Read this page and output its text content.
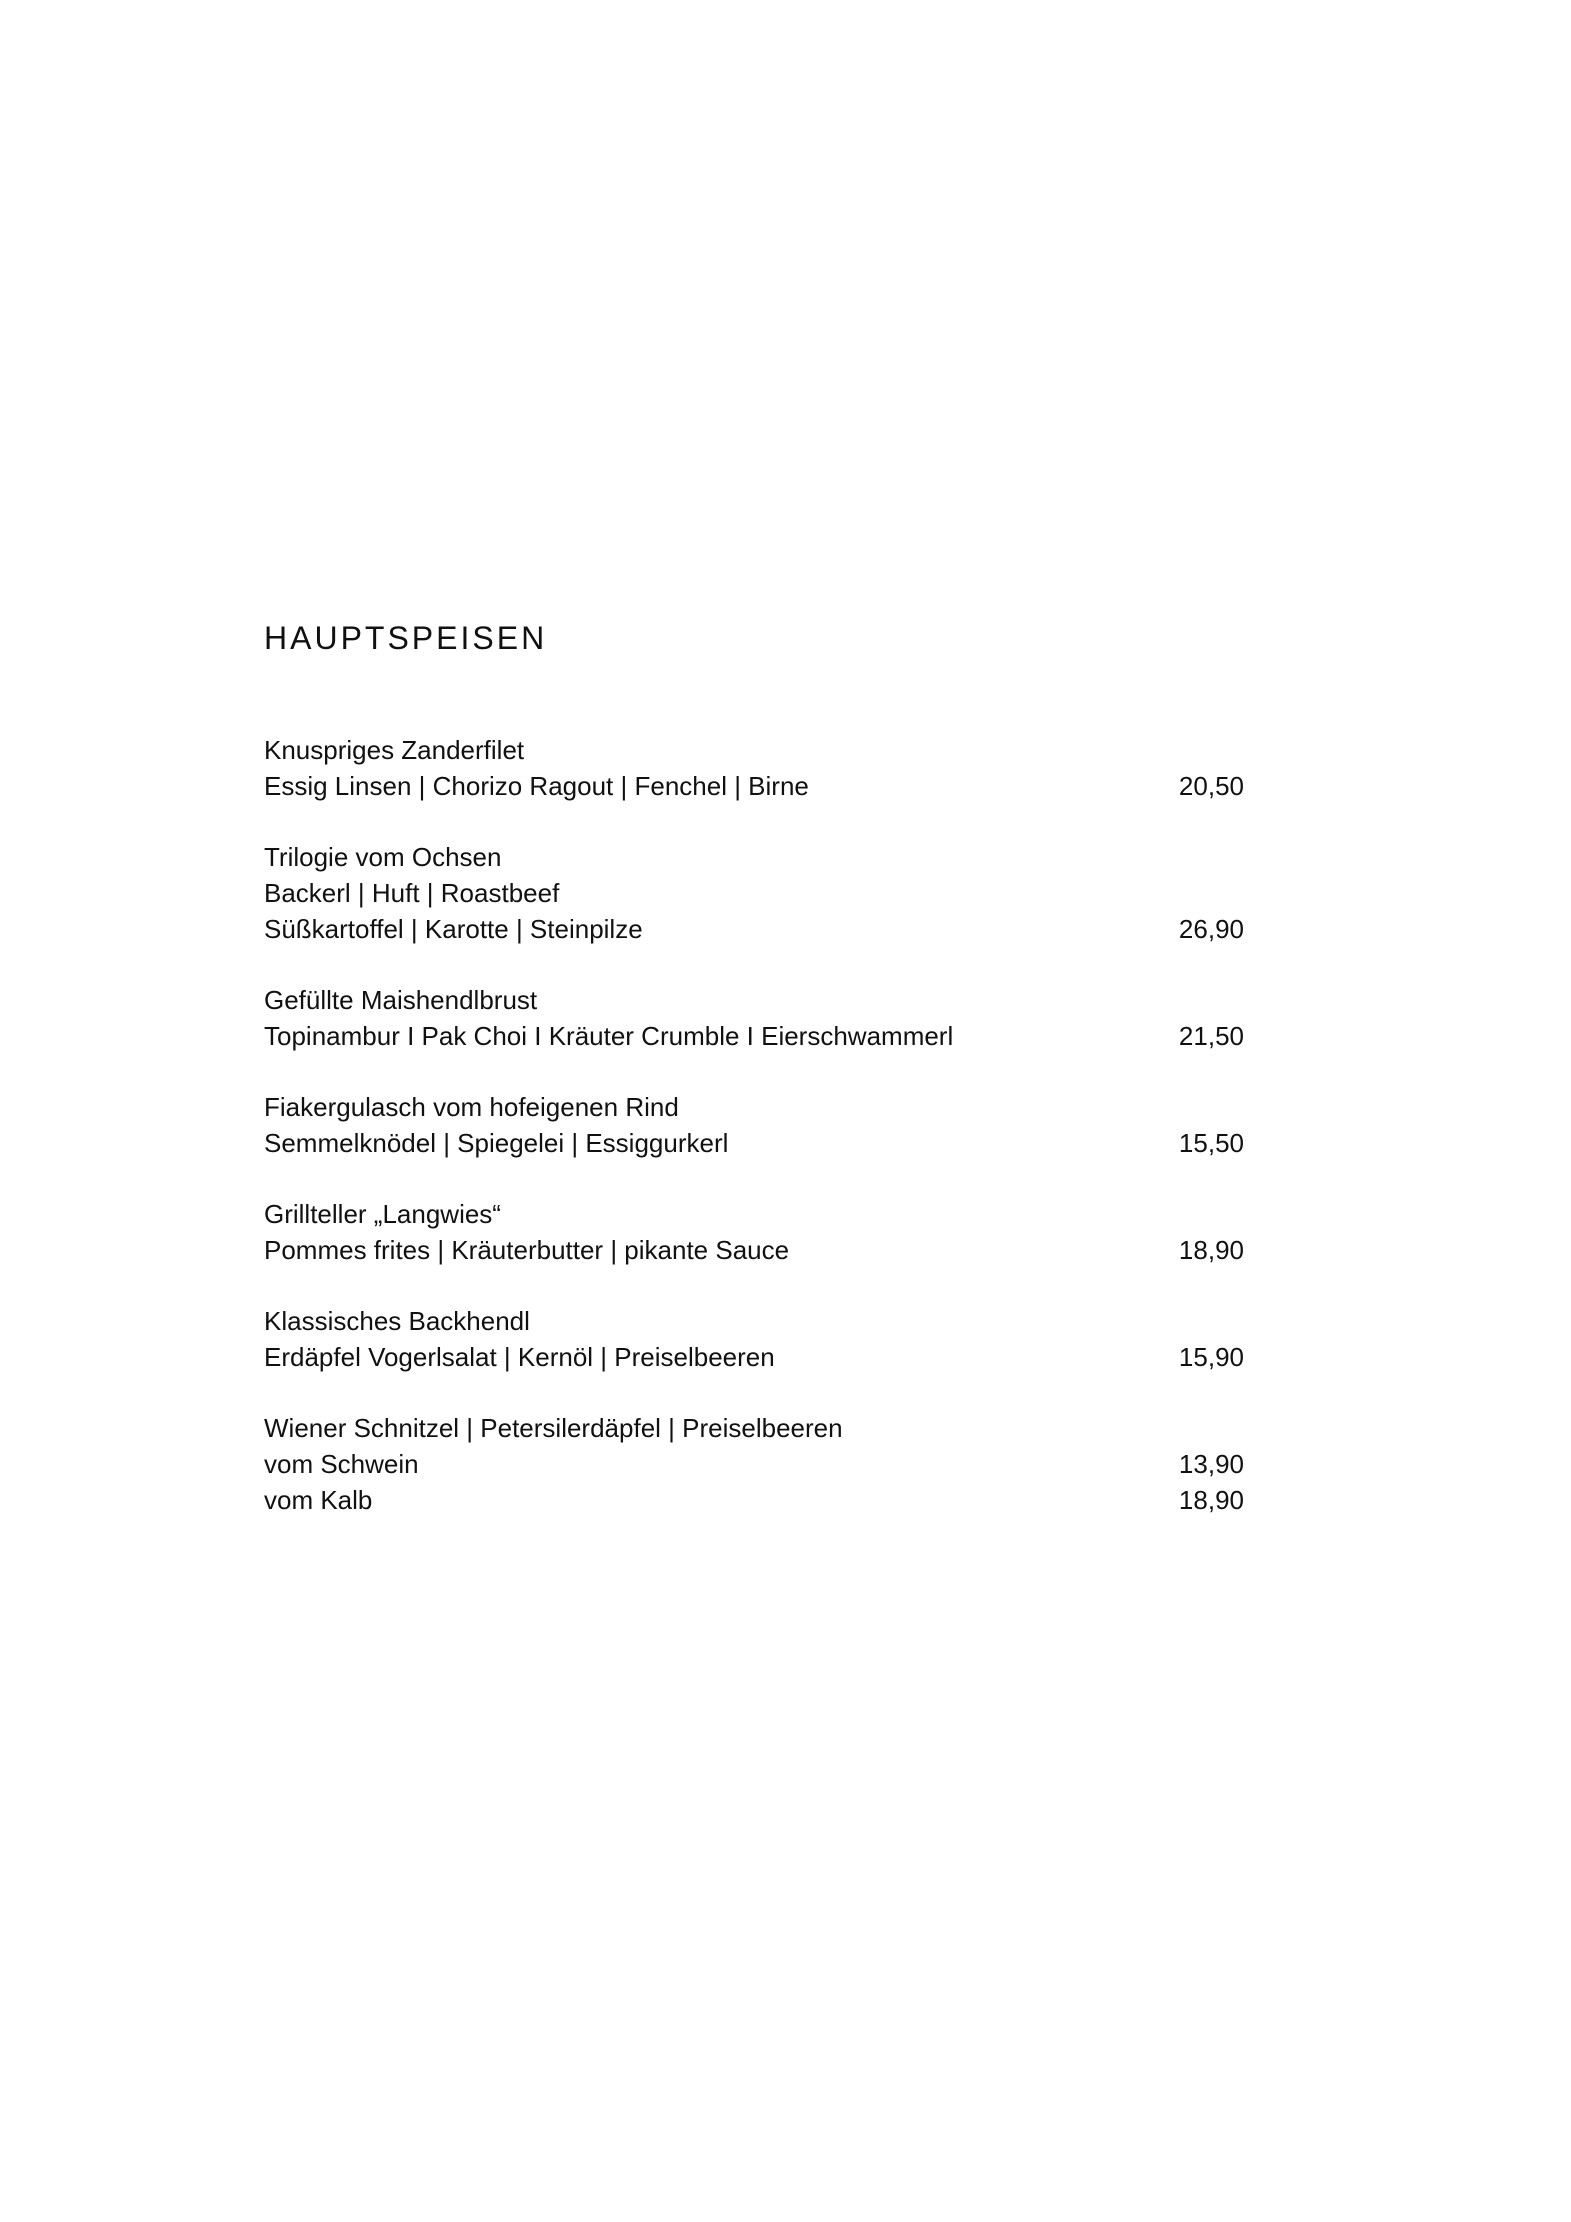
HAUPTSPEISEN
Knuspriges Zanderfilet
Essig Linsen | Chorizo Ragout | Fenchel | Birne	20,50
Trilogie vom Ochsen
Backerl | Huft | Roastbeef
Süßkartoffel | Karotte | Steinpilze	26,90
Gefüllte Maishendlbrust
Topinambur I Pak Choi I Kräuter Crumble I Eierschwammerl	21,50
Fiakergulasch vom hofeigenen Rind
Semmelknödel | Spiegelei | Essiggurkerl	15,50
Grillteller „Langwies“
Pommes frites | Kräuterbutter | pikante Sauce	18,90
Klassisches Backhendl
Erdäpfel Vogerlsalat | Kernöl | Preiselbeeren	15,90
Wiener Schnitzel | Petersilerdäpfel | Preiselbeeren
vom Schwein	13,90
vom Kalb	18,90
